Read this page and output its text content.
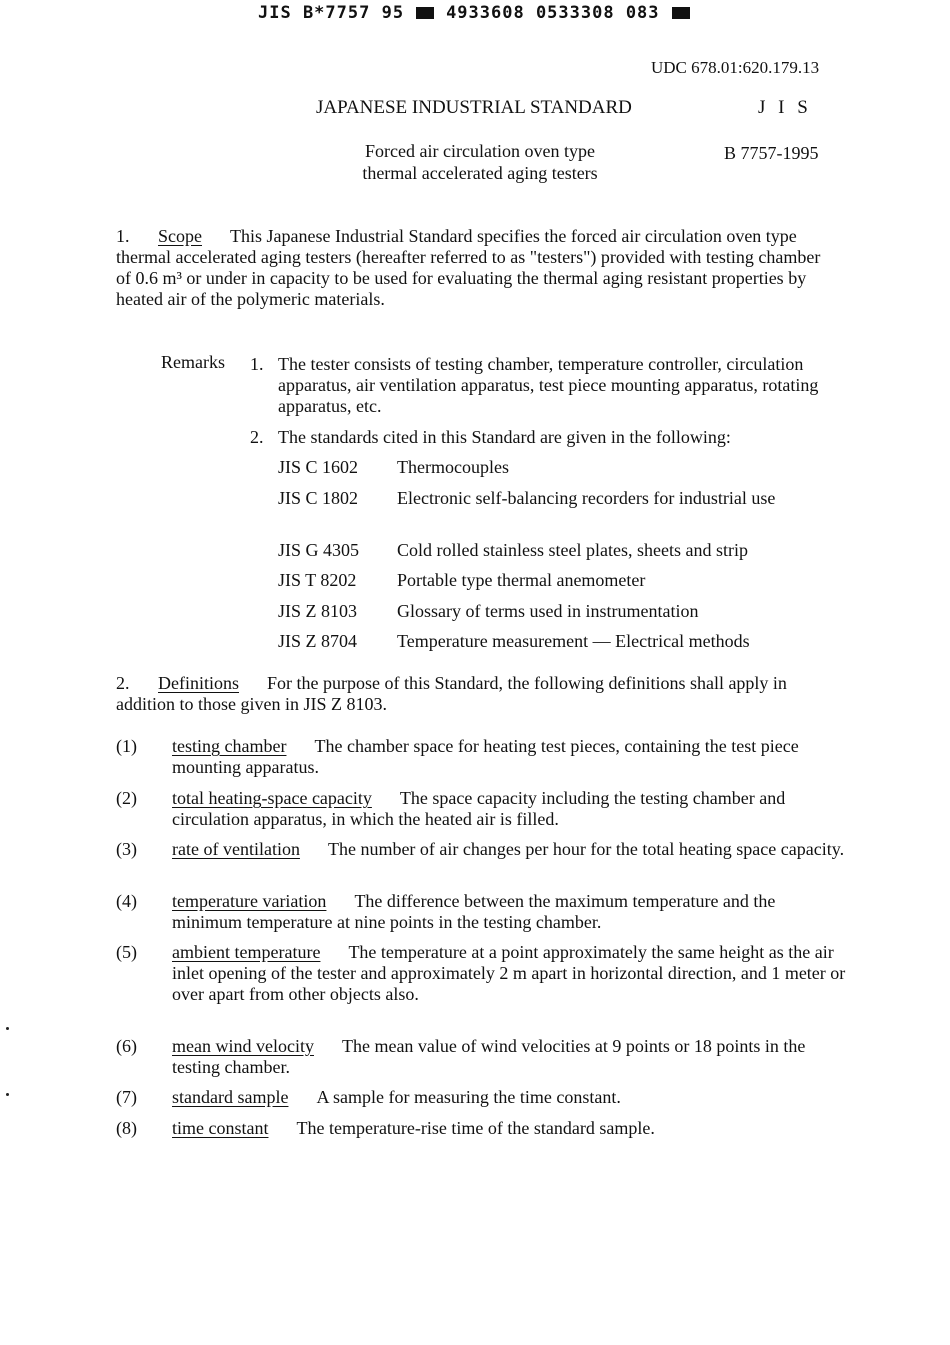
JIS B*7757 95 4933608 0533308 083
UDC 678.01:620.179.13
JAPANESE INDUSTRIAL STANDARD	J I S
Forced air circulation oven type
thermal accelerated aging testers
B 7757-1995
1. Scope This Japanese Industrial Standard specifies the forced air circulation oven type thermal accelerated aging testers (hereafter referred to as "testers") provided with testing chamber of 0.6 m³ or under in capacity to be used for evaluating the thermal aging resistant properties by heated air of the polymeric materials.
Remarks 1. The tester consists of testing chamber, temperature controller, circulation apparatus, air ventilation apparatus, test piece mounting apparatus, rotating apparatus, etc.
2. The standards cited in this Standard are given in the following:
JIS C 1602 Thermocouples
JIS C 1802 Electronic self-balancing recorders for industrial use
JIS G 4305 Cold rolled stainless steel plates, sheets and strip
JIS T 8202 Portable type thermal anemometer
JIS Z 8103 Glossary of terms used in instrumentation
JIS Z 8704 Temperature measurement — Electrical methods
2. Definitions For the purpose of this Standard, the following definitions shall apply in addition to those given in JIS Z 8103.
(1) testing chamber The chamber space for heating test pieces, containing the test piece mounting apparatus.
(2) total heating-space capacity The space capacity including the testing chamber and circulation apparatus, in which the heated air is filled.
(3) rate of ventilation The number of air changes per hour for the total heating space capacity.
(4) temperature variation The difference between the maximum temperature and the minimum temperature at nine points in the testing chamber.
(5) ambient temperature The temperature at a point approximately the same height as the air inlet opening of the tester and approximately 2 m apart in horizontal direction, and 1 meter or over apart from other objects also.
(6) mean wind velocity The mean value of wind velocities at 9 points or 18 points in the testing chamber.
(7) standard sample A sample for measuring the time constant.
(8) time constant The temperature-rise time of the standard sample.
